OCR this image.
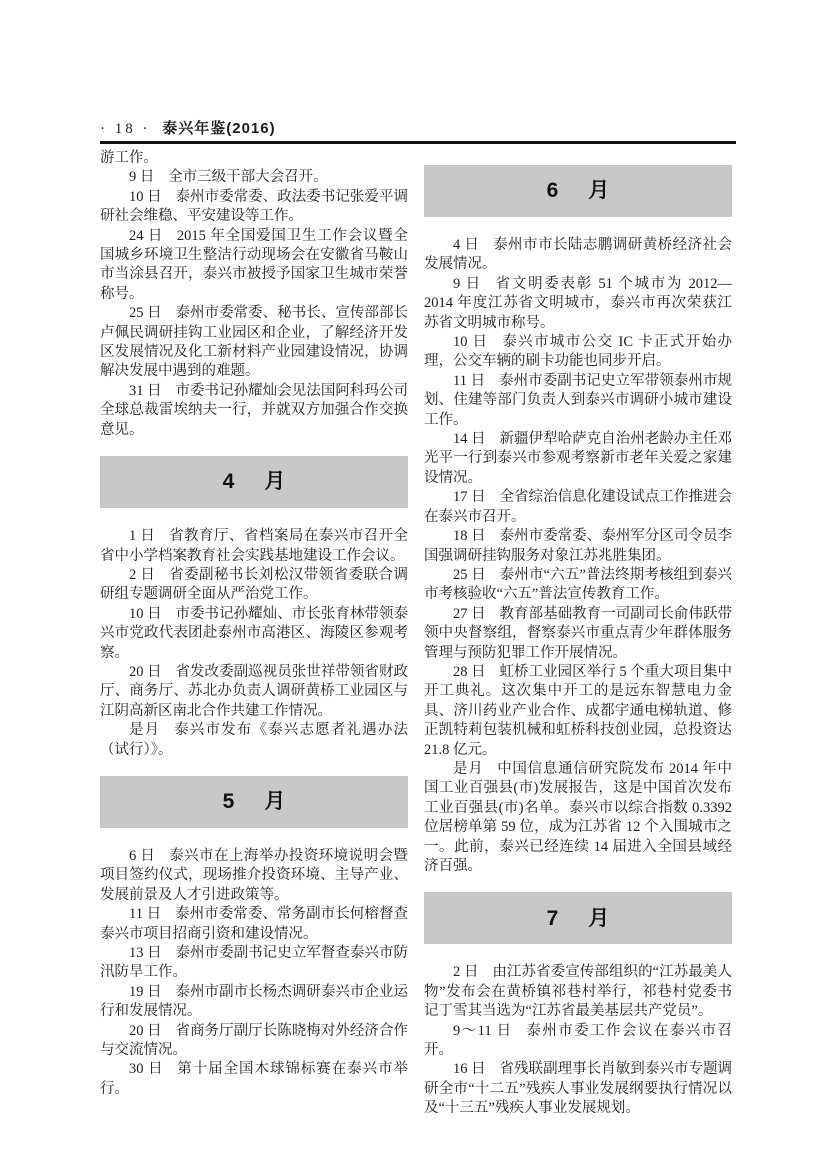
· 18 · 泰兴年鉴(2016)

游工作。

9 日 全市三级干部大会召开。

10 日 泰州市委常委、政法委书记张爱平调研社会维稳、平安建设等工作。

24 日 2015 年全国爱国卫生工作会议暨全国城乡环境卫生整洁行动现场会在安徽省马鞍山市当涂县召开，泰兴市被授予国家卫生城市荣誉称号。

25 日 泰州市委常委、秘书长、宣传部部长卢佩民调研挂钩工业园区和企业，了解经济开发区发展情况及化工新材料产业园建设情况，协调解决发展中遇到的难题。

31 日 市委书记孙耀灿会见法国阿科玛公司全球总裁雷埃纳夫一行，并就双方加强合作交换意见。

4 月

1 日 省教育厅、省档案局在泰兴市召开全省中小学档案教育社会实践基地建设工作会议。

2 日 省委副秘书长刘松汉带领省委联合调研组专题调研全面从严治党工作。

10 日 市委书记孙耀灿、市长张育林带领泰兴市党政代表团赴泰州市高港区、海陵区参观考察。

20 日 省发改委副巡视员张世祥带领省财政厅、商务厅、苏北办负责人调研黄桥工业园区与江阴高新区南北合作共建工作情况。

是月 泰兴市发布《泰兴志愿者礼遇办法（试行）》。

5 月

6 日 泰兴市在上海举办投资环境说明会暨项目签约仪式，现场推介投资环境、主导产业、发展前景及人才引进政策等。

11 日 泰州市委常委、常务副市长何榕督查泰兴市项目招商引资和建设情况。

13 日 泰州市委副书记史立军督查泰兴市防汛防旱工作。

19 日 泰州市副市长杨杰调研泰兴市企业运行和发展情况。

20 日 省商务厅副厅长陈晓梅对外经济合作与交流情况。

30 日 第十届全国木球锦标赛在泰兴市举行。

6 月

4 日 泰州市市长陆志鹏调研黄桥经济社会发展情况。

9 日 省文明委表彰 51 个城市为 2012—2014 年度江苏省文明城市，泰兴市再次荣获江苏省文明城市称号。

10 日 泰兴市城市公交 IC 卡正式开始办理，公交车辆的刷卡功能也同步开启。

11 日 泰州市委副书记史立军带领泰州市规划、住建等部门负责人到泰兴市调研小城市建设工作。

14 日 新疆伊犁哈萨克自治州老龄办主任邓光平一行到泰兴市参观考察新市老年关爱之家建设情况。

17 日 全省综治信息化建设试点工作推进会在泰兴市召开。

18 日 泰州市委常委、泰州军分区司令员李国强调研挂钩服务对象江苏兆胜集团。

25 日 泰州市“六五”普法终期考核组到泰兴市考核验收“六五”普法宣传教育工作。

27 日 教育部基础教育一司副司长俞伟跃带领中央督察组，督察泰兴市重点青少年群体服务管理与预防犯罪工作开展情况。

28 日 虹桥工业园区举行 5 个重大项目集中开工典礼。这次集中开工的是远东智慧电力金具、济川药业产业合作、成都宇通电梯轨道、修正凯特莉包装机械和虹桥科技创业园，总投资达 21.8 亿元。

是月 中国信息通信研究院发布 2014 年中国工业百强县(市)发展报告，这是中国首次发布工业百强县(市)名单。泰兴市以综合指数 0.3392 位居榜单第 59 位，成为江苏省 12 个入围城市之一。此前，泰兴已经连续 14 届进入全国县域经济百强。

7 月

2 日 由江苏省委宣传部组织的“江苏最美人物”发布会在黄桥镇祁巷村举行，祁巷村党委书记丁雪其当选为“江苏省最美基层共产党员”。

9～11 日 泰州市委工作会议在泰兴市召开。

16 日 省残联副理事长肖敏到泰兴市专题调研全市“十二五”残疾人事业发展纲要执行情况以及“十三五”残疾人事业发展规划。
